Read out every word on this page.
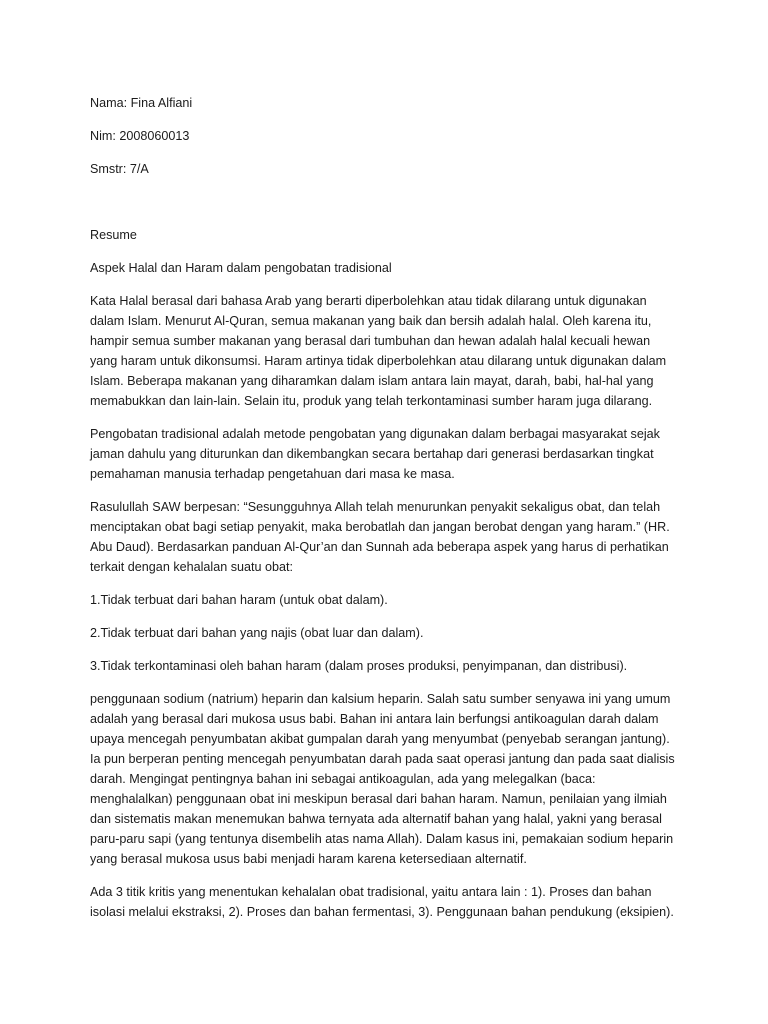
Nama: Fina Alfiani

Nim: 2008060013

Smstr: 7/A

Resume

Aspek Halal dan Haram dalam pengobatan tradisional

Kata Halal berasal dari bahasa Arab yang berarti diperbolehkan atau tidak dilarang untuk digunakan
dalam Islam. Menurut Al-Quran, semua makanan yang baik dan bersih adalah halal. Oleh karena itu,
hampir semua sumber makanan yang berasal dari tumbuhan dan hewan adalah halal kecuali hewan
yang haram untuk dikonsumsi. Haram artinya tidak diperbolehkan atau dilarang untuk digunakan dalam
Islam. Beberapa makanan yang diharamkan dalam islam antara lain mayat, darah, babi, hal-hal yang
memabukkan dan lain-lain. Selain itu, produk yang telah terkontaminasi sumber haram juga dilarang.
Pengobatan tradisional adalah metode pengobatan yang digunakan dalam berbagai masyarakat sejak
jaman dahulu yang diturunkan dan dikembangkan secara bertahap dari generasi berdasarkan tingkat
pemahaman manusia terhadap pengetahuan dari masa ke masa.
Rasulullah SAW berpesan: “Sesungguhnya Allah telah menurunkan penyakit sekaligus obat, dan telah
menciptakan obat bagi setiap penyakit, maka berobatlah dan jangan berobat dengan yang haram.” (HR.
Abu Daud). Berdasarkan panduan Al-Qur’an dan Sunnah ada beberapa aspek yang harus di perhatikan
terkait dengan kehalalan suatu obat:

1.Tidak terbuat dari bahan haram (untuk obat dalam).

2.Tidak terbuat dari bahan yang najis (obat luar dan dalam).

3.Tidak terkontaminasi oleh bahan haram (dalam proses produksi, penyimpanan, dan distribusi).

penggunaan sodium (natrium) heparin dan kalsium heparin. Salah satu sumber senyawa ini yang umum
adalah yang berasal dari mukosa usus babi. Bahan ini antara lain berfungsi antikoagulan darah dalam
upaya mencegah penyumbatan akibat gumpalan darah yang menyumbat (penyebab serangan jantung).
Ia pun berperan penting mencegah penyumbatan darah pada saat operasi jantung dan pada saat dialisis
darah. Mengingat pentingnya bahan ini sebagai antikoagulan, ada yang melegalkan (baca:
menghalalkan) penggunaan obat ini meskipun berasal dari bahan haram. Namun, penilaian yang ilmiah
dan sistematis makan menemukan bahwa ternyata ada alternatif bahan yang halal, yakni yang berasal
paru-paru sapi (yang tentunya disembelih atas nama Allah). Dalam kasus ini, pemakaian sodium heparin
yang berasal mukosa usus babi menjadi haram karena ketersediaan alternatif.
Ada 3 titik kritis yang menentukan kehalalan obat tradisional, yaitu antara lain : 1). Proses dan bahan
isolasi melalui ekstraksi, 2). Proses dan bahan fermentasi, 3). Penggunaan bahan pendukung (eksipien).
